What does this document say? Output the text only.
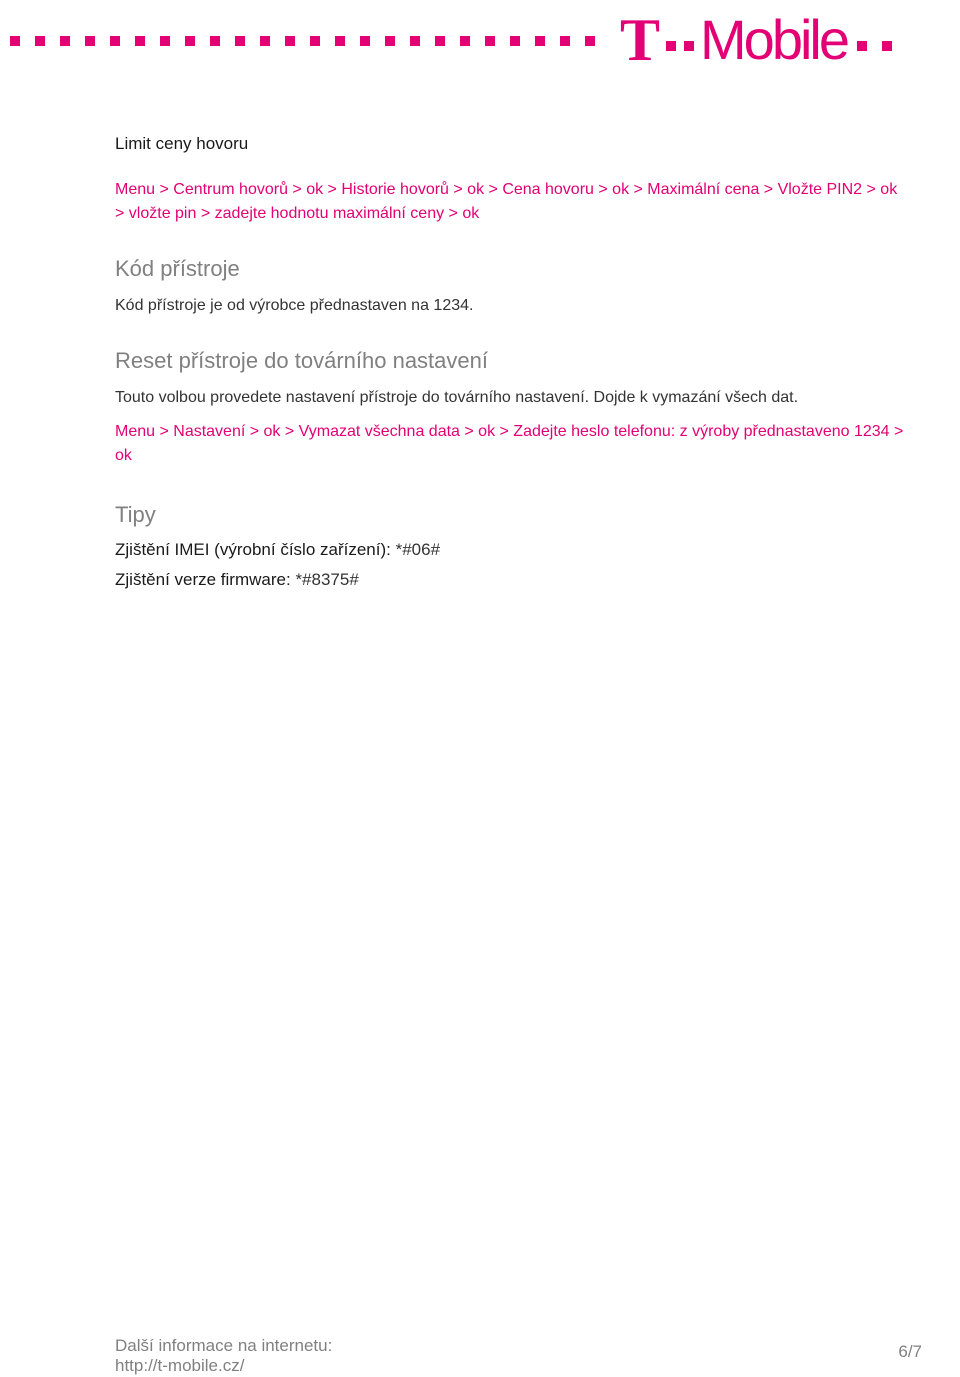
T Mobile

Limit ceny hovoru

Menu > Centrum hovorů > ok > Historie hovorů > ok > Cena hovoru > ok > Maximální cena > Vložte PIN2 > ok > vložte pin > zadejte hodnotu maximální ceny > ok

Kód přístroje

Kód přístroje je od výrobce přednastaven na 1234.

Reset přístroje do továrního nastavení

Touto volbou provedete nastavení přístroje do továrního nastavení. Dojde k vymazání všech dat.

Menu > Nastavení > ok > Vymazat všechna data > ok > Zadejte heslo telefonu: z výroby přednastaveno 1234 > ok

Tipy

Zjištění IMEI (výrobní číslo zařízení): *#06#

Zjištění verze firmware: *#8375#

Další informace na internetu:
http://t-mobile.cz/
6/7
